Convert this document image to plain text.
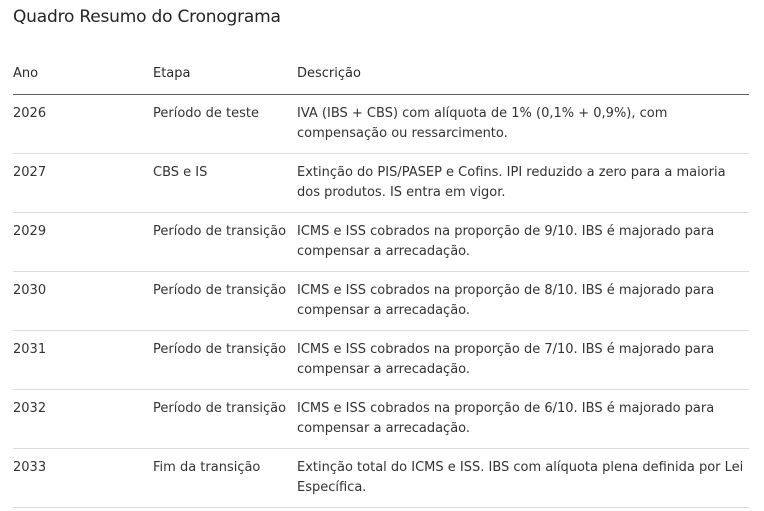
Quadro Resumo do Cronograma
Ano	Etapa	Descrição
2026	Período de teste	IVA (IBS + CBS) com alíquota de 1% (0,1% + 0,9%), com compensação ou ressarcimento.
2027	CBS e IS	Extinção do PIS/PASEP e Cofins. IPI reduzido a zero para a maioria dos produtos. IS entra em vigor.
2029	Período de transição	ICMS e ISS cobrados na proporção de 9/10. IBS é majorado para compensar a arrecadação.
2030	Período de transição	ICMS e ISS cobrados na proporção de 8/10. IBS é majorado para compensar a arrecadação.
2031	Período de transição	ICMS e ISS cobrados na proporção de 7/10. IBS é majorado para compensar a arrecadação.
2032	Período de transição	ICMS e ISS cobrados na proporção de 6/10. IBS é majorado para compensar a arrecadação.
2033	Fim da transição	Extinção total do ICMS e ISS. IBS com alíquota plena definida por Lei Específica.
